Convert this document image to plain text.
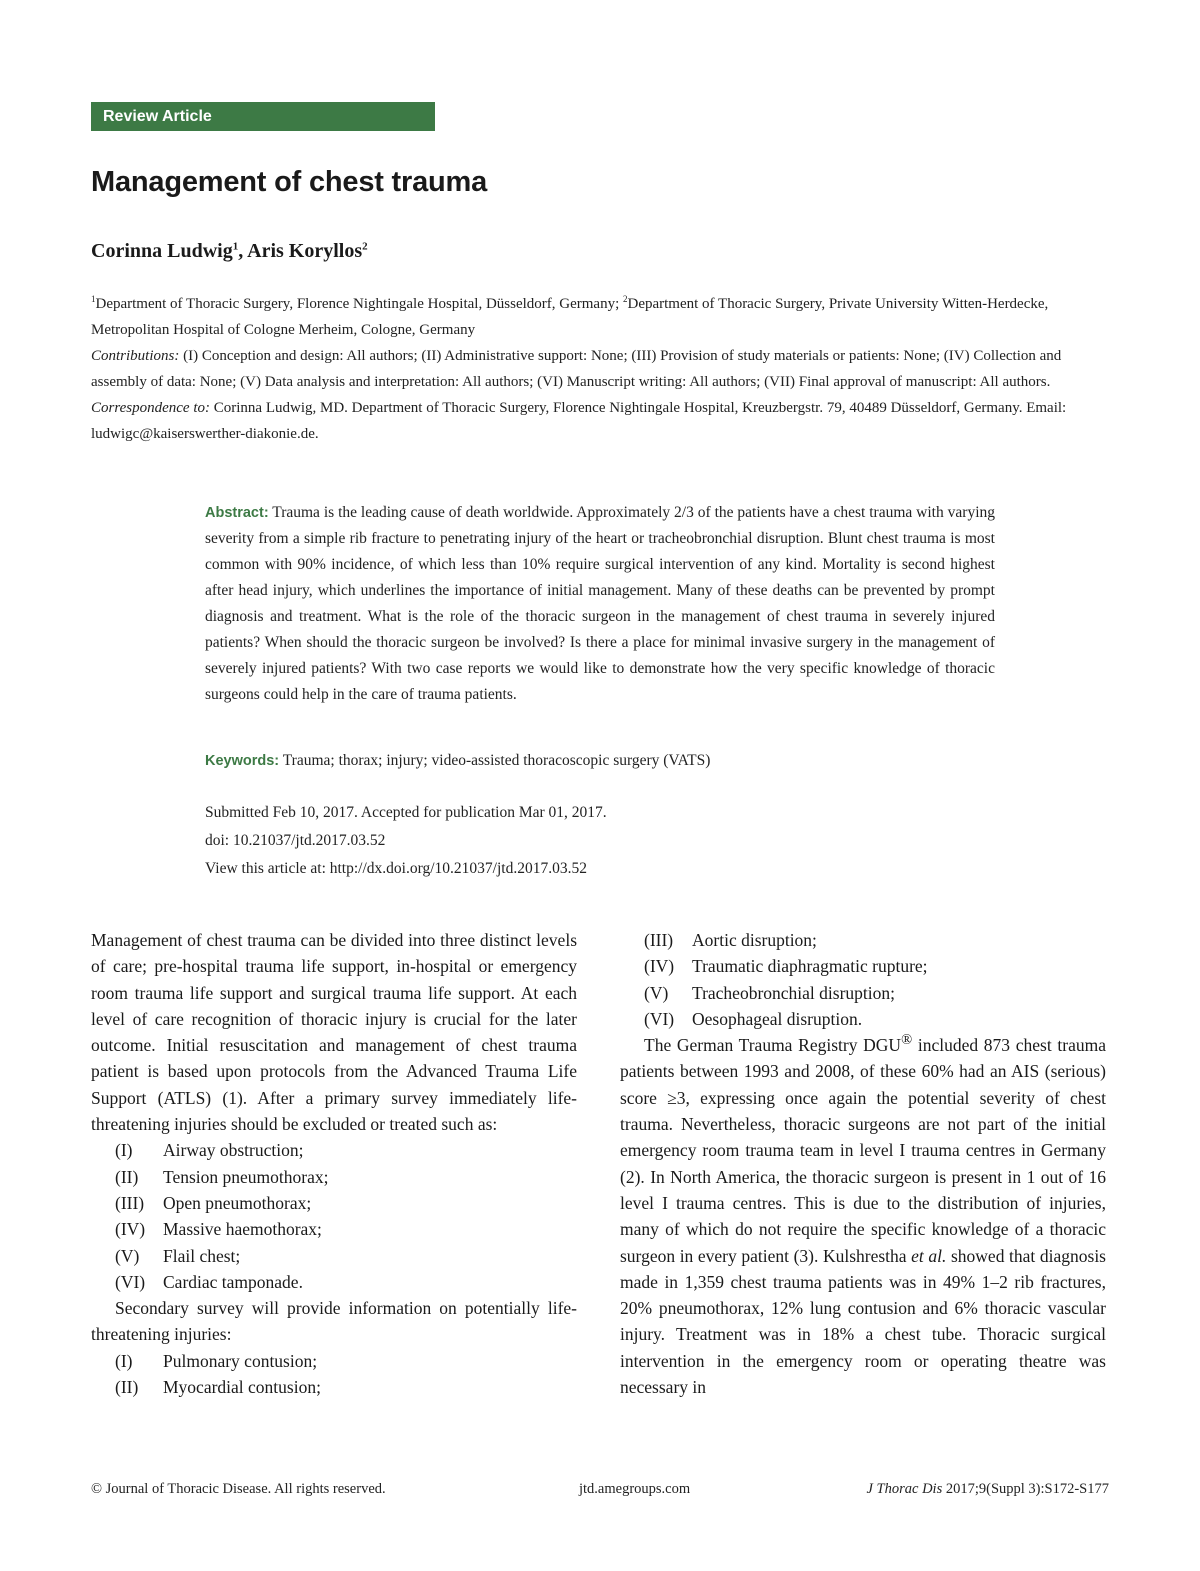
Review Article
Management of chest trauma
Corinna Ludwig$^1$, Aris Koryllos$^2$

$^1$Department of Thoracic Surgery, Florence Nightingale Hospital, Düsseldorf, Germany; $^2$Department of Thoracic Surgery, Private University Witten-Herdecke, Metropolitan Hospital of Cologne Merheim, Cologne, Germany

Contributions: (I) Conception and design: All authors; (II) Administrative support: None; (III) Provision of study materials or patients: None; (IV) Collection and assembly of data: None; (V) Data analysis and interpretation: All authors; (VI) Manuscript writing: All authors; (VII) Final approval of manuscript: All authors.

Correspondence to: Corinna Ludwig, MD. Department of Thoracic Surgery, Florence Nightingale Hospital, Kreuzbergstr. 79, 40489 Düsseldorf, Germany. Email: ludwigc@kaiserswerther-diakonie.de.

Abstract: Trauma is the leading cause of death worldwide. Approximately 2/3 of the patients have a chest trauma with varying severity from a simple rib fracture to penetrating injury of the heart or tracheobronchial disruption. Blunt chest trauma is most common with 90% incidence, of which less than 10% require surgical intervention of any kind. Mortality is second highest after head injury, which underlines the importance of initial management. Many of these deaths can be prevented by prompt diagnosis and treatment. What is the role of the thoracic surgeon in the management of chest trauma in severely injured patients? When should the thoracic surgeon be involved? Is there a place for minimal invasive surgery in the management of severely injured patients? With two case reports we would like to demonstrate how the very specific knowledge of thoracic surgeons could help in the care of trauma patients.
Keywords: Trauma; thorax; injury; video-assisted thoracoscopic surgery (VATS)
Submitted Feb 10, 2017. Accepted for publication Mar 01, 2017.
doi: 10.21037/jtd.2017.03.52
View this article at: http://dx.doi.org/10.21037/jtd.2017.03.52

Management of chest trauma can be divided into three distinct levels of care; pre-hospital trauma life support, in-hospital or emergency room trauma life support and surgical trauma life support. At each level of care recognition of thoracic injury is crucial for the later outcome. Initial resuscitation and management of chest trauma patient is based upon protocols from the Advanced Trauma Life Support (ATLS) (1). After a primary survey immediately life-threatening injuries should be excluded or treated such as:

(I)	Airway obstruction;
(II)	Tension pneumothorax;
(III)	Open pneumothorax;
(IV)	Massive haemothorax;
(V)	Flail chest;
(VI)	Cardiac tamponade.

Secondary survey will provide information on potentially life-threatening injuries:

(I)	Pulmonary contusion;
(II)	Myocardial contusion;
(III)	Aortic disruption;
(IV)	Traumatic diaphragmatic rupture;
(V)	Tracheobronchial disruption;
(VI)	Oesophageal disruption.

The German Trauma Registry DGU® included 873 chest trauma patients between 1993 and 2008, of these 60% had an AIS (serious) score ≥3, expressing once again the potential severity of chest trauma. Nevertheless, thoracic surgeons are not part of the initial emergency room trauma team in level I trauma centres in Germany (2). In North America, the thoracic surgeon is present in 1 out of 16 level I trauma centres. This is due to the distribution of injuries, many of which do not require the specific knowledge of a thoracic surgeon in every patient (3). Kulshrestha et al. showed that diagnosis made in 1,359 chest trauma patients was in 49% 1–2 rib fractures, 20% pneumothorax, 12% lung contusion and 6% thoracic vascular injury. Treatment was in 18% a chest tube. Thoracic surgical intervention in the emergency room or operating theatre was necessary in

© Journal of Thoracic Disease. All rights reserved.	jtd.amegroups.com	J Thorac Dis 2017;9(Suppl 3):S172-S177
